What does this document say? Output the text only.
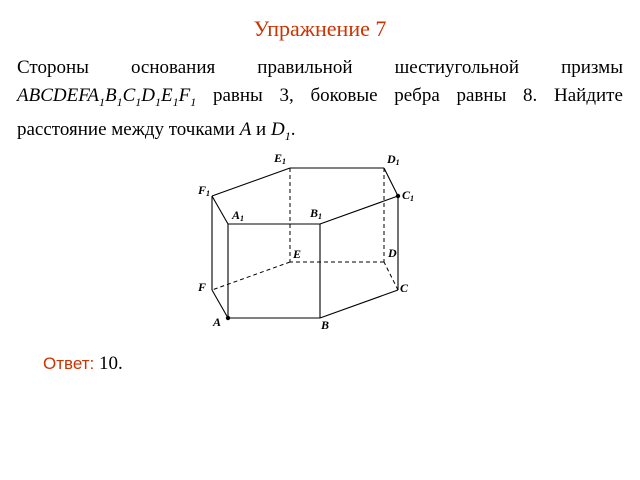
Упражнение 7
Стороны основания правильной шестиугольной призмы
$ABCDEFA_1B_1C_1D_1E_1F_1$ равны 3, боковые ребра равны 8. Найдите
расстояние между точками A и $D_1$.
E1	D1
F1	C1
A1	B1
E	D
F	C
A	B
Ответ: 10.
